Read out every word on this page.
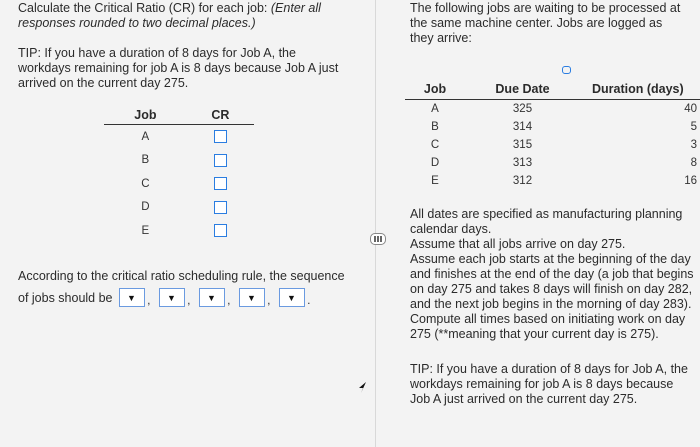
Calculate the Critical Ratio (CR) for each job: (Enter all

responses rounded to two decimal places.)

TIP: If you have a duration of 8 days for Job A, the

workdays remaining for job A is 8 days because Job A just

arrived on the current day 275.

Job	CR
A	
B	
C	
D	
E	

According to the critical ratio scheduling rule, the sequence

of jobs should be ▼
,	▼
,	▼
,	▼
,	▼
.

The following jobs are waiting to be processed at

the same machine center. Jobs are logged as

they arrive:

Job	Due Date	Duration (days)
A	325	40
B	314	5
C	315	3
D	313	8
E	312	16

All dates are specified as manufacturing planning

calendar days.

Assume that all jobs arrive on day 275.

Assume each job starts at the beginning of the day

and finishes at the end of the day (a job that begins

on day 275 and takes 8 days will finish on day 282,

and the next job begins in the morning of day 283).

Compute all times based on initiating work on day

275 (**meaning that your current day is 275).

TIP: If you have a duration of 8 days for Job A, the

workdays remaining for job A is 8 days because

Job A just arrived on the current day 275.
